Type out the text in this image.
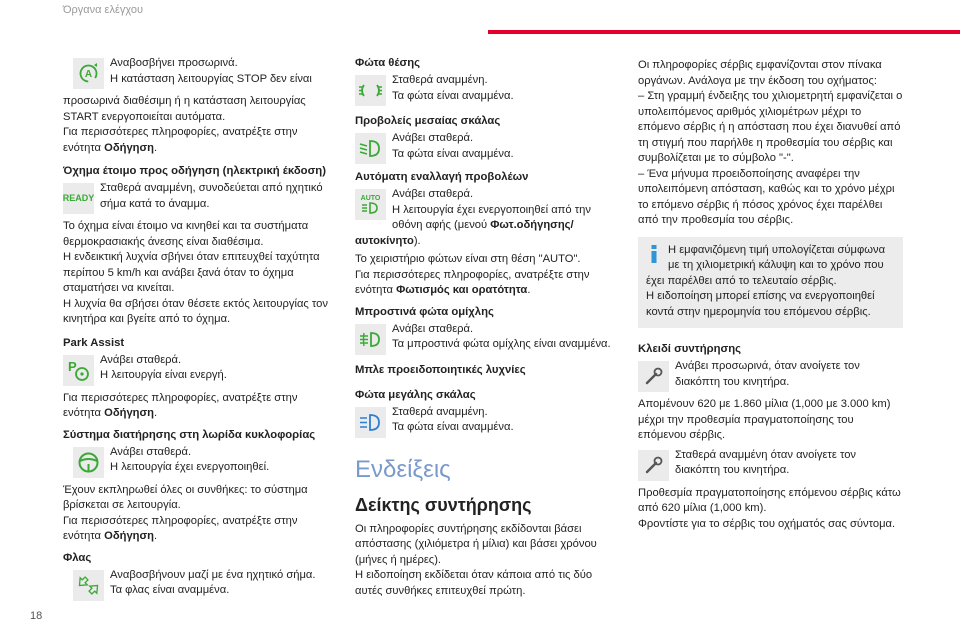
Όργανα ελέγχου
A

Αναβοσβήνει προσωρινά.

Η κατάσταση λειτουργίας STOP δεν είναι

προσωρινά διαθέσιμη ή η κατάσταση λειτουργίας START ενεργοποιείται αυτόματα.

Για περισσότερες πληροφορίες, ανατρέξτε στην ενότητα Οδήγηση.

Όχημα έτοιμο προς οδήγηση (ηλεκτρική έκδοση)
READY

Σταθερά αναμμένη, συνοδεύεται από ηχητικό σήμα κατά το άναμμα.

Το όχημα είναι έτοιμο να κινηθεί και τα συστήματα θερμοκρασιακής άνεσης είναι διαθέσιμα.

Η ενδεικτική λυχνία σβήνει όταν επιτευχθεί ταχύτητα περίπου 5 km/h και ανάβει ξανά όταν το όχημα σταματήσει να κινείται.

Η λυχνία θα σβήσει όταν θέσετε εκτός λειτουργίας τον κινητήρα και βγείτε από το όχημα.

Park Assist
P	Ανάβει σταθερά.

Η λειτουργία είναι ενεργή.

Για περισσότερες πληροφορίες, ανατρέξτε στην ενότητα Οδήγηση.

Σύστημα διατήρησης στη λωρίδα κυκλοφορίας

Ανάβει σταθερά.

Η λειτουργία έχει ενεργοποιηθεί.

Έχουν εκπληρωθεί όλες οι συνθήκες: το σύστημα βρίσκεται σε λειτουργία.

Για περισσότερες πληροφορίες, ανατρέξτε στην ενότητα Οδήγηση.

Φλας

Αναβοσβήνουν μαζί με ένα ηχητικό σήμα.

Τα φλας είναι αναμμένα.

Φώτα θέσης

Σταθερά αναμμένη.

Τα φώτα είναι αναμμένα.

Προβολείς μεσαίας σκάλας

Ανάβει σταθερά.

Τα φώτα είναι αναμμένα.

Αυτόματη εναλλαγή προβολέων
AUTO	Ανάβει σταθερά.

Η λειτουργία έχει ενεργοποιηθεί από την οθόνη αφής (μενού Φωτ.οδήγησης/αυτοκίνητο).

Το χειριστήριο φώτων είναι στη θέση "AUTO".

Για περισσότερες πληροφορίες, ανατρέξτε στην ενότητα Φωτισμός και ορατότητα.

Μπροστινά φώτα ομίχλης

Ανάβει σταθερά.

Τα μπροστινά φώτα ομίχλης είναι αναμμένα.

Μπλε προειδοποιητικές λυχνίες
Φώτα μεγάλης σκάλας

Σταθερά αναμμένη.

Τα φώτα είναι αναμμένα.

Ενδείξεις
Δείκτης συντήρησης

Οι πληροφορίες συντήρησης εκδίδονται βάσει απόστασης (χιλιόμετρα ή μίλια) και βάσει χρόνου (μήνες ή ημέρες).

Η ειδοποίηση εκδίδεται όταν κάποια από τις δύο αυτές συνθήκες επιτευχθεί πρώτη.

Οι πληροφορίες σέρβις εμφανίζονται στον πίνακα οργάνων. Ανάλογα με την έκδοση του οχήματος:

– Στη γραμμή ένδειξης του χιλιομετρητή εμφανίζεται ο υπολειπόμενος αριθμός χιλιομέτρων μέχρι το επόμενο σέρβις ή η απόσταση που έχει διανυθεί από τη στιγμή που παρήλθε η προθεσμία του σέρβις και συμβολίζεται με το σύμβολο "-".

– Ένα μήνυμα προειδοποίησης αναφέρει την υπολειπόμενη απόσταση, καθώς και το χρόνο μέχρι το επόμενο σέρβις ή πόσος χρόνος έχει παρέλθει από την προθεσμία του σέρβις.

Η εμφανιζόμενη τιμή υπολογίζεται σύμφωνα με τη χιλιομετρική κάλυψη και το χρόνο που έχει παρέλθει από το τελευταίο σέρβις.

Η ειδοποίηση μπορεί επίσης να ενεργοποιηθεί κοντά στην ημερομηνία του επόμενου σέρβις.

Κλειδί συντήρησης

Ανάβει προσωρινά, όταν ανοίγετε τον διακόπτη του κινητήρα.

Απομένουν 620 με 1.860 μίλια (1,000 με 3.000 km) μέχρι την προθεσμία πραγματοποίησης του επόμενου σέρβις.

Σταθερά αναμμένη όταν ανοίγετε τον διακόπτη του κινητήρα.

Προθεσμία πραγματοποίησης επόμενου σέρβις κάτω από 620 μίλια (1,000 km).

Φροντίστε για το σέρβις του οχήματός σας σύντομα.

18
